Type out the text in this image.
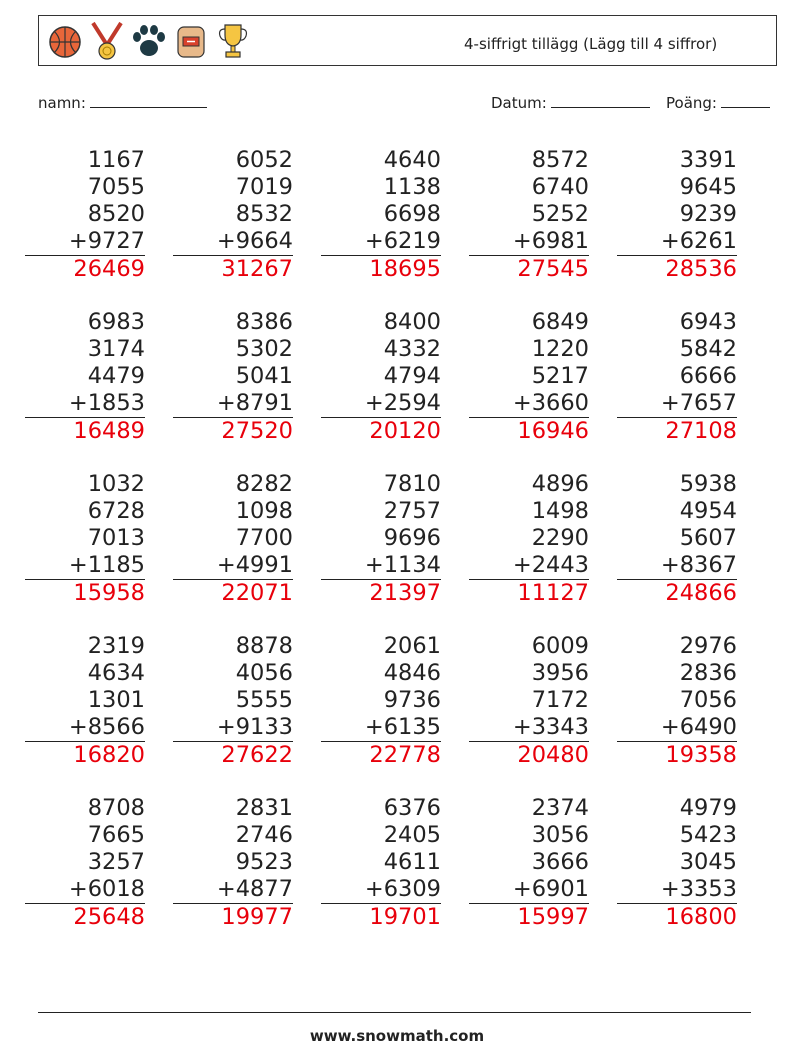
4-siffrigt tillägg (Lägg till 4 siffror)
namn:	Datum:	Poäng:
1167
7055
8520
+9727
26469
6052
7019
8532
+9664
31267
4640
1138
6698
+6219
18695
8572
6740
5252
+6981
27545
3391
9645
9239
+6261
28536
6983
3174
4479
+1853
16489
8386
5302
5041
+8791
27520
8400
4332
4794
+2594
20120
6849
1220
5217
+3660
16946
6943
5842
6666
+7657
27108
1032
6728
7013
+1185
15958
8282
1098
7700
+4991
22071
7810
2757
9696
+1134
21397
4896
1498
2290
+2443
11127
5938
4954
5607
+8367
24866
2319
4634
1301
+8566
16820
8878
4056
5555
+9133
27622
2061
4846
9736
+6135
22778
6009
3956
7172
+3343
20480
2976
2836
7056
+6490
19358
8708
7665
3257
+6018
25648
2831
2746
9523
+4877
19977
6376
2405
4611
+6309
19701
2374
3056
3666
+6901
15997
4979
5423
3045
+3353
16800
www.snowmath.com
